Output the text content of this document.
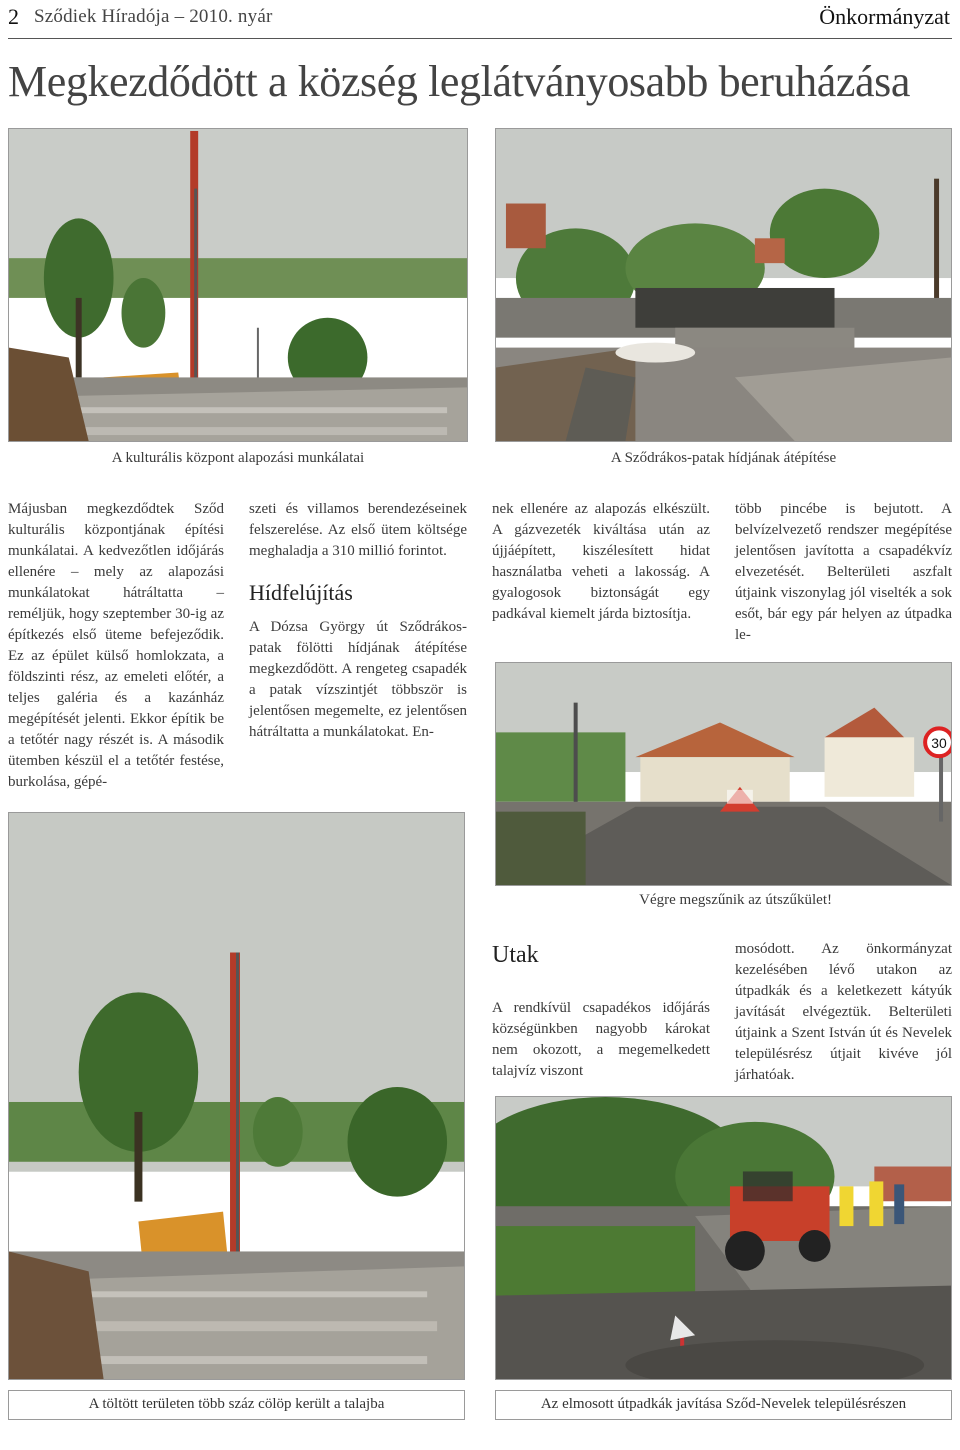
2 Sződiek Híradója – 2010. nyár	Önkormányzat
Megkezdődött a község leglátványosabb beruházása
A kulturális központ alapozási munkálatai	A Sződrákos-patak hídjának átépítése

Májusban megkezdődtek Sződ kulturális központjának építési munkálatai. A kedvezőtlen időjárás ellenére – mely az alapozási munkálatokat hátráltatta – reméljük, hogy szeptember 30-ig az építkezés első üteme befejeződik. Ez az épület külső homlokzata, a földszinti rész, az emeleti előtér, a teljes galéria és a kazánház megépítését jelenti. Ekkor építik be a tetőtér nagy részét is. A második ütemben készül el a tetőtér festése, burkolása, gépé-

szeti és villamos berendezéseinek felszerelése. Az első ütem költsége meghaladja a 310 millió forintot.

Hídfelújítás

A Dózsa György út Sződrákos-patak fölötti hídjának átépítése megkezdődött. A rengeteg csapadék a patak vízszintjét többször is jelentősen megemelte, ez jelentősen hátráltatta a munkálatokat. En-

nek ellenére az alapozás elkészült. A gázvezeték kiváltása után az újjáépített, kiszélesített hidat használatba veheti a lakosság. A gyalogosok biztonságát egy padkával kiemelt járda biztosítja.

több pincébe is bejutott. A belvízelvezető rendszer megépítése jelentősen javította a csapadékvíz elvezetését. Belterületi aszfalt útjaink viszonylag jól viselték a sok esőt, bár egy pár helyen az útpadka le-

30
Végre megszűnik az útszűkület!
A töltött területen több száz cölöp került a talajba
Utak

A rendkívül csapadékos időjárás községünkben nagyobb károkat nem okozott, a megemelkedett talajvíz viszont

mosódott. Az önkormányzat kezelésében lévő utakon az útpadkák és a keletkezett kátyúk javítását elvégeztük. Belterületi útjaink a Szent István út és Nevelek településrész útjait kivéve jól járhatóak.

Az elmosott útpadkák javítása Sződ-Nevelek településrészen
